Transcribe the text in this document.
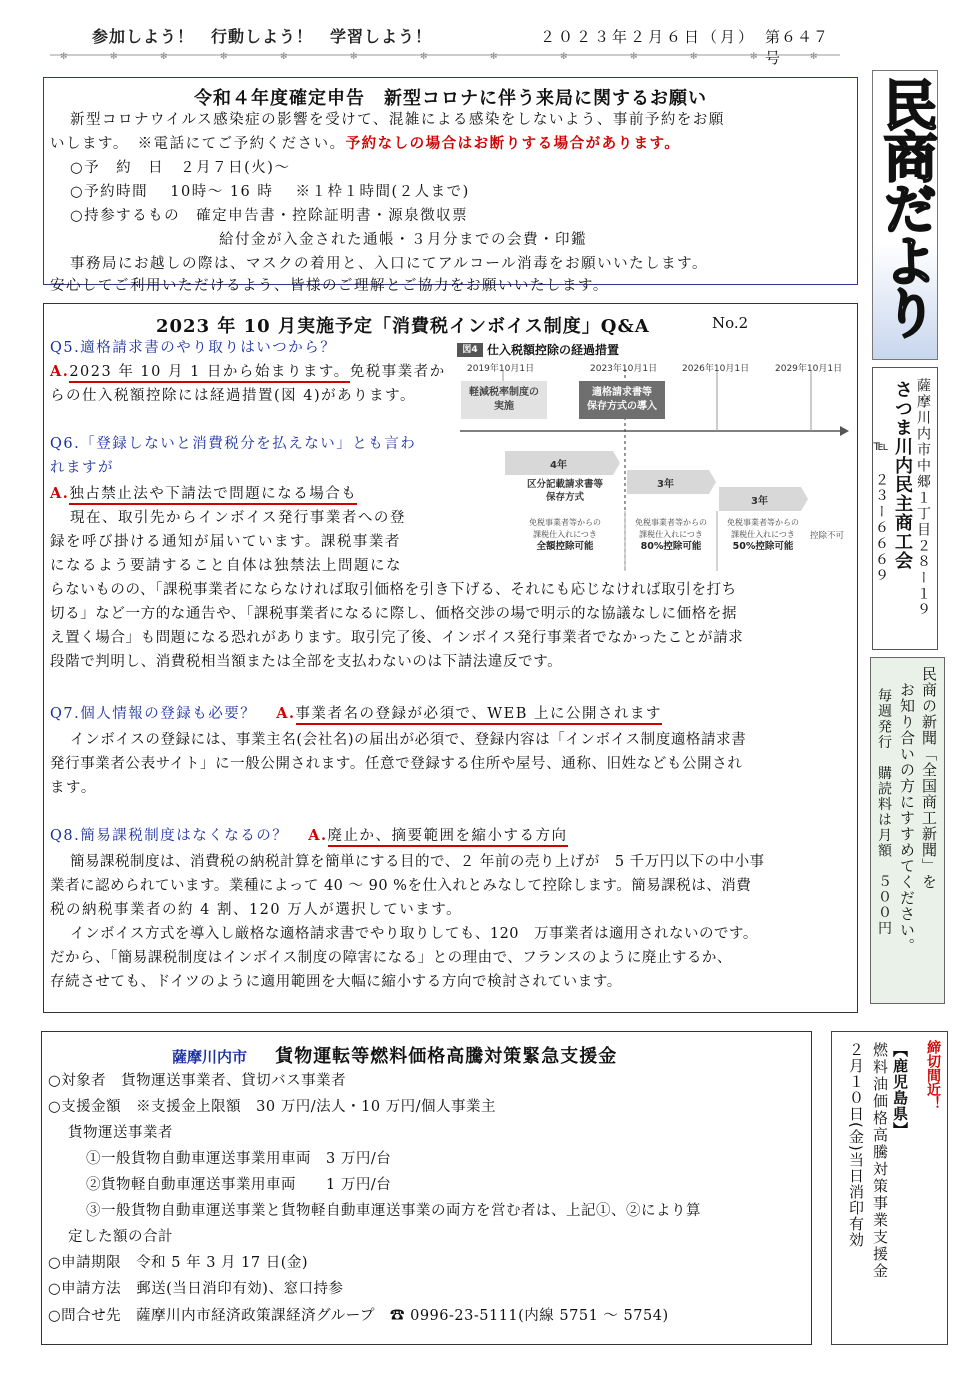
参加しよう！　行動しよう！　学習しよう！	２０２３年２月６日（月） 第６４７号
✻	✻	✻	✻	✻	✻	✻	✻	✻	✻	✻	✻	✻
令和４年度確定申告　新型コロナに伴う来局に関するお願い
新型コロナウイルス感染症の影響を受けて、混雑による感染をしないよう、事前予約をお願
いします。　※電話にてご予約ください。予約なしの場合はお断りする場合があります。
○予　約　日　２月７日(火)～
○予約時間　 10時～ 16 時　 ※１枠１時間(２人まで)
○持参するもの　確定申告書・控除証明書・源泉徴収票
給付金が入金された通帳・３月分までの会費・印鑑
事務局にお越しの際は、マスクの着用と、入口にてアルコール消毒をお願いいたします。
安心してご利用いただけるよう、皆様のご理解とご協力をお願いいたします。
2023 年 10 月実施予定「消費税インボイス制度」Q&A	No.2
Q5.適格請求書のやり取りはいつから？
A.2023 年 10 月 1 日から始まります。免税事業者か
らの仕入税額控除には経過措置(図 4)があります。
Q6.「登録しないと消費税分を払えない」とも言わ
れますが
A.独占禁止法や下請法で問題になる場合も
現在、取引先からインボイス発行事業者への登
録を呼び掛ける通知が届いています。課税事業者
になるよう要請すること自体は独禁法上問題にな
らないものの、「課税事業者にならなければ取引価格を引き下げる、それにも応じなければ取引を打ち
切る」など一方的な通告や、「課税事業者になるに際し、価格交渉の場で明示的な協議なしに価格を据
え置く場合」も問題になる恐れがあります。取引完了後、インボイス発行事業者でなかったことが請求
段階で判明し、消費税相当額または全部を支払わないのは下請法違反です。
Q7.個人情報の登録も必要？ A.事業者名の登録が必須で、WEB 上に公開されます
インボイスの登録には、事業主名(会社名)の届出が必須で、登録内容は「インボイス制度適格請求書
発行事業者公表サイト」に一般公開されます。任意で登録する住所や屋号、通称、旧姓なども公開され
ます。
Q8.簡易課税制度はなくなるの？ A.廃止か、摘要範囲を縮小する方向
簡易課税制度は、消費税の納税計算を簡単にする目的で、２ 年前の売り上げが　5 千万円以下の中小事
業者に認められています。業種によって 40 ～ 90 %を仕入れとみなして控除します。簡易課税は、消費
税の納税事業者の約 4 割、120 万人が選択しています。
インボイス方式を導入し厳格な適格請求書でやり取りしても、120　万事業者は適用されないのです。
だから、「簡易課税制度はインボイス制度の障害になる」との理由で、フランスのように廃止するか、
存続させても、ドイツのように適用範囲を大幅に縮小する方向で検討されています。
図4 仕入税額控除の経過措置
2019年10月1日	2023年10月1日	2026年10月1日	2029年10月1日
軽減税率制度の
実施
適格請求書等
保存方式の導入
4年
区分記載請求書等
保存方式
3年
3年
免税事業者等からの
課税仕入れにつき
全額控除可能
免税事業者等からの
課税仕入れにつき
80%控除可能
免税事業者等からの
課税仕入れにつき
50%控除可能
控除不可
薩摩川内市 貨物運転等燃料価格高騰対策緊急支援金
○対象者　貨物運送事業者、貸切バス事業者
○支援金額　※支援金上限額　30 万円/法人・10 万円/個人事業主
貨物運送事業者
①一般貨物自動車運送事業用車両　3 万円/台
②貨物軽自動車運送事業用車両　　1 万円/台
③一般貨物自動車運送事業と貨物軽自動車運送事業の両方を営む者は、上記①、②により算
定した額の合計
○申請期限　令和 5 年 3 月 17 日(金)
○申請方法　郵送(当日消印有効)、窓口持参
○問合せ先　薩摩川内市経済政策課経済グループ　☎ 0996-23-5111(内線 5751 ～ 5754)
民商だより
薩摩川内市中郷１丁目２８ー１９
さつま川内民主商工会
℡　２３ー６６６９
民商の新聞「全国商工新聞」を
お知り合いの方にすすめてください。
毎週発行　購読料は月額　５００円
締切間近！
【鹿児島県】
燃料油価格高騰対策事業支援金
２月１０日(金)当日消印有効
